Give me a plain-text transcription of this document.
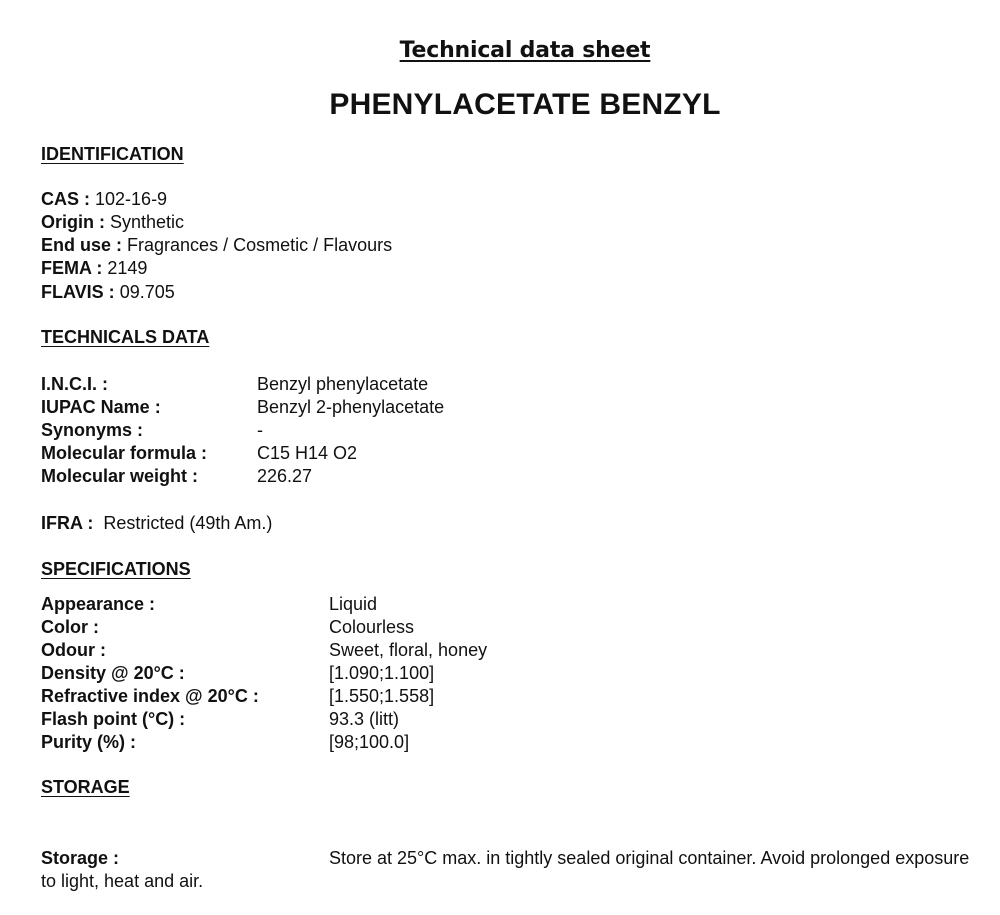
Technical data sheet
PHENYLACETATE BENZYL
IDENTIFICATION
CAS : 102-16-9
Origin : Synthetic
End use : Fragrances / Cosmetic / Flavours
FEMA : 2149
FLAVIS : 09.705
TECHNICALS DATA
I.N.C.I. :	Benzyl phenylacetate
IUPAC Name :	Benzyl 2-phenylacetate
Synonyms :	-
Molecular formula :	C15 H14 O2
Molecular weight :	226.27
IFRA : Restricted (49th Am.)
SPECIFICATIONS
Appearance :	Liquid
Color :	Colourless
Odour :	Sweet, floral, honey
Density @ 20°C :	[1.090;1.100]
Refractive index @ 20°C :	[1.550;1.558]
Flash point (°C) :	93.3 (litt)
Purity (%) :	[98;100.0]
STORAGE
Storage :	Store at 25°C max. in tightly sealed original container. Avoid prolonged exposure to light, heat and air.
